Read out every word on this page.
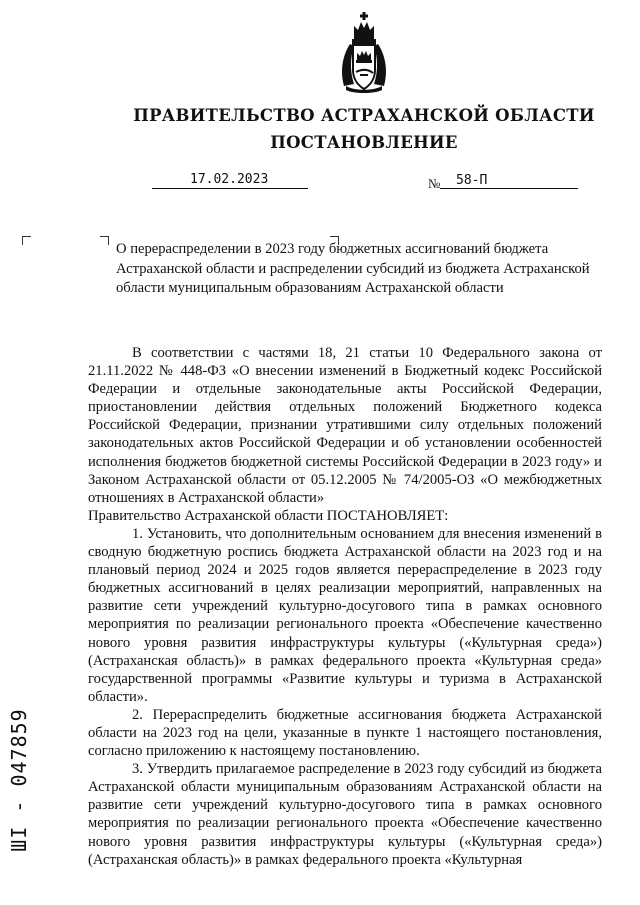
ПРАВИТЕЛЬСТВО АСТРАХАНСКОЙ ОБЛАСТИ
ПОСТАНОВЛЕНИЕ
17.02.2023	№ 58-П
О перераспределении в 2023 году бюджетных ассигнований бюджета Астраханской области и распределении субсидий из бюджета Астраханской области муниципальным образованиям Астраханской области

В соответствии с частями 18, 21 статьи 10 Федерального закона от 21.11.2022 № 448-ФЗ «О внесении изменений в Бюджетный кодекс Российской Федерации и отдельные законодательные акты Российской Федерации, приостановлении действия отдельных положений Бюджетного кодекса Российской Федерации, признании утратившими силу отдельных положений законодательных актов Российской Федерации и об установлении особенностей исполнения бюджетов бюджетной системы Российской Федерации в 2023 году» и Законом Астраханской области от 05.12.2005 № 74/2005-ОЗ «О межбюджетных отношениях в Астраханской области»

Правительство Астраханской области ПОСТАНОВЛЯЕТ:

1. Установить, что дополнительным основанием для внесения изменений в сводную бюджетную роспись бюджета Астраханской области на 2023 год и на плановый период 2024 и 2025 годов является перераспределение в 2023 году бюджетных ассигнований в целях реализации мероприятий, направленных на развитие сети учреждений культурно-досугового типа в рамках основного мероприятия по реализации регионального проекта «Обеспечение качественно нового уровня развития инфраструктуры культуры («Культурная среда») (Астраханская область)» в рамках федерального проекта «Культурная среда» государственной программы «Развитие культуры и туризма в Астраханской области».

2. Перераспределить бюджетные ассигнования бюджета Астраханской области на 2023 год на цели, указанные в пункте 1 настоящего постановления, согласно приложению к настоящему постановлению.

3. Утвердить прилагаемое распределение в 2023 году субсидий из бюджета Астраханской области муниципальным образованиям Астраханской области на развитие сети учреждений культурно-досугового типа в рамках основного мероприятия по реализации регионального проекта «Обеспечение качественно нового уровня развития инфраструктуры культуры («Культурная среда») (Астраханская область)» в рамках федерального проекта «Культурная

ШI - 047859
